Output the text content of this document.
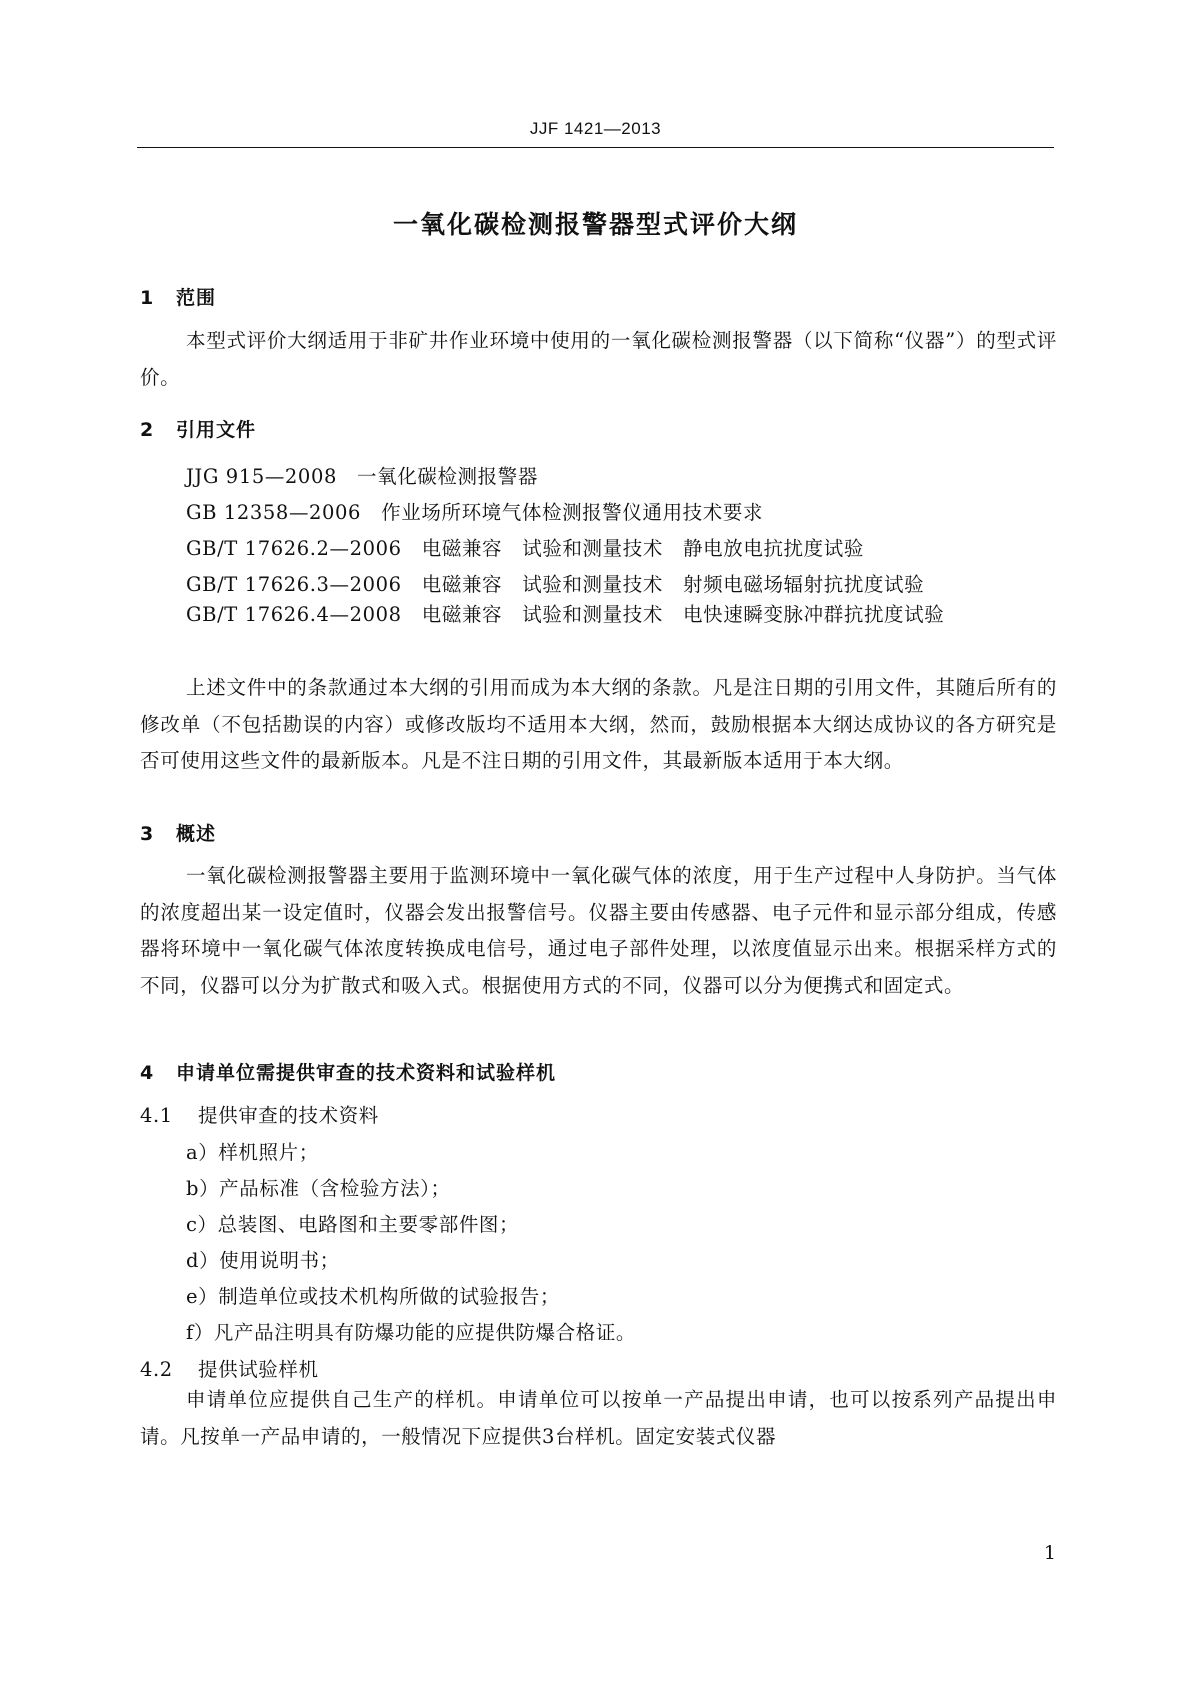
JJF 1421—2013
一氧化碳检测报警器型式评价大纲
1 范围
本型式评价大纲适用于非矿井作业环境中使用的一氧化碳检测报警器（以下简称“仪器”）的型式评价。
2 引用文件
JJG 915—2008　一氧化碳检测报警器
GB 12358—2006　作业场所环境气体检测报警仪通用技术要求
GB/T 17626.2—2006　电磁兼容　试验和测量技术　静电放电抗扰度试验
GB/T 17626.3—2006　电磁兼容　试验和测量技术　射频电磁场辐射抗扰度试验
GB/T 17626.4—2008　电磁兼容　试验和测量技术　电快速瞬变脉冲群抗扰度试验
上述文件中的条款通过本大纲的引用而成为本大纲的条款。凡是注日期的引用文件，其随后所有的修改单（不包括勘误的内容）或修改版均不适用本大纲，然而，鼓励根据本大纲达成协议的各方研究是否可使用这些文件的最新版本。凡是不注日期的引用文件，其最新版本适用于本大纲。
3 概述
一氧化碳检测报警器主要用于监测环境中一氧化碳气体的浓度，用于生产过程中人身防护。当气体的浓度超出某一设定值时，仪器会发出报警信号。仪器主要由传感器、电子元件和显示部分组成，传感器将环境中一氧化碳气体浓度转换成电信号，通过电子部件处理，以浓度值显示出来。根据采样方式的不同，仪器可以分为扩散式和吸入式。根据使用方式的不同，仪器可以分为便携式和固定式。
4 申请单位需提供审查的技术资料和试验样机
4.1 提供审查的技术资料
a）样机照片；
b）产品标准（含检验方法）；
c）总装图、电路图和主要零部件图；
d）使用说明书；
e）制造单位或技术机构所做的试验报告；
f）凡产品注明具有防爆功能的应提供防爆合格证。
4.2 提供试验样机
申请单位应提供自己生产的样机。申请单位可以按单一产品提出申请，也可以按系列产品提出申请。凡按单一产品申请的，一般情况下应提供3台样机。固定安装式仪器
1
